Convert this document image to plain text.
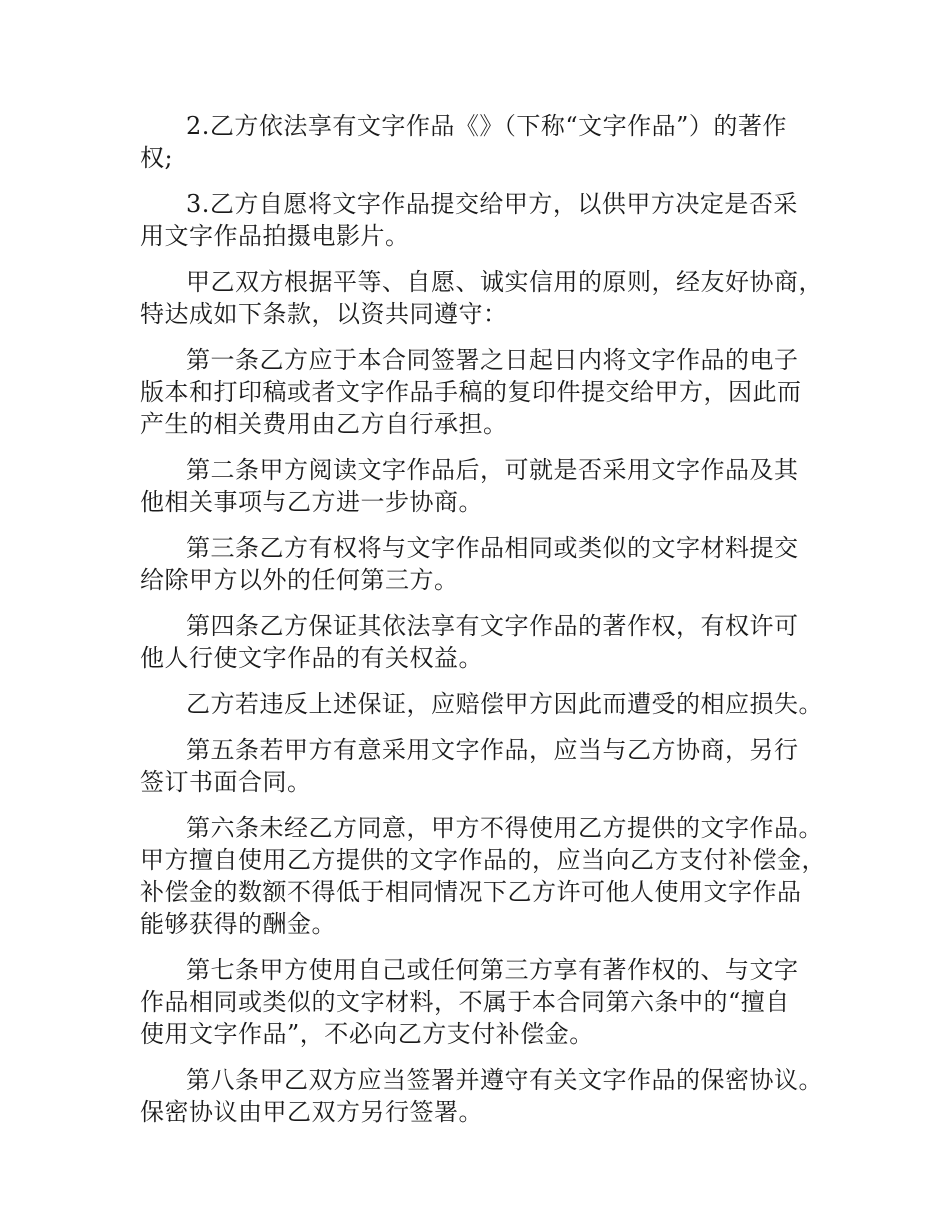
2.乙方依法享有文字作品《》（下称“文字作品”）的著作
权;

3.乙方自愿将文字作品提交给甲方，以供甲方决定是否采
用文字作品拍摄电影片。

甲乙双方根据平等、自愿、诚实信用的原则，经友好协商，
特达成如下条款，以资共同遵守：

第一条乙方应于本合同签署之日起日内将文字作品的电子
版本和打印稿或者文字作品手稿的复印件提交给甲方，因此而
产生的相关费用由乙方自行承担。

第二条甲方阅读文字作品后，可就是否采用文字作品及其
他相关事项与乙方进一步协商。

第三条乙方有权将与文字作品相同或类似的文字材料提交
给除甲方以外的任何第三方。

第四条乙方保证其依法享有文字作品的著作权，有权许可
他人行使文字作品的有关权益。

乙方若违反上述保证，应赔偿甲方因此而遭受的相应损失。

第五条若甲方有意采用文字作品，应当与乙方协商，另行
签订书面合同。

第六条未经乙方同意，甲方不得使用乙方提供的文字作品。
甲方擅自使用乙方提供的文字作品的，应当向乙方支付补偿金，
补偿金的数额不得低于相同情况下乙方许可他人使用文字作品
能够获得的酬金。

第七条甲方使用自己或任何第三方享有著作权的、与文字
作品相同或类似的文字材料，不属于本合同第六条中的“擅自
使用文字作品”，不必向乙方支付补偿金。

第八条甲乙双方应当签署并遵守有关文字作品的保密协议。
保密协议由甲乙双方另行签署。
